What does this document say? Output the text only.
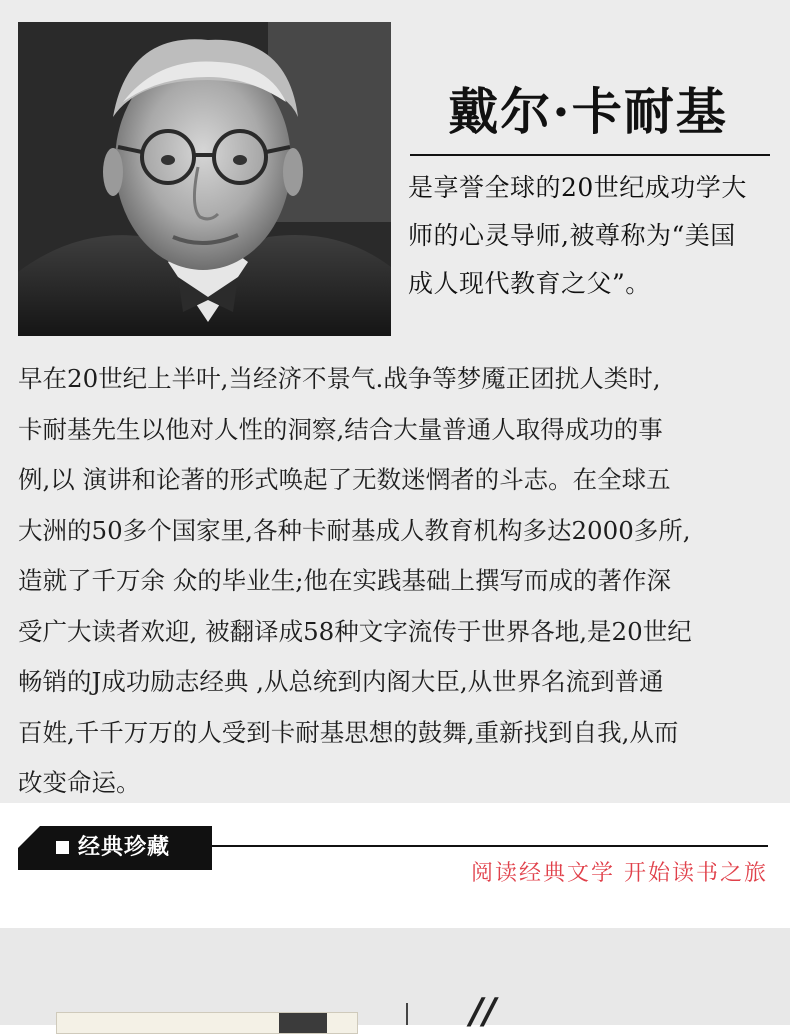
戴尔·卡耐基
是享誉全球的20世纪成功学大
师的心灵导师,被尊称为“美国
成人现代教育之父”。
早在20世纪上半叶,当经济不景气.战争等梦魇正团扰人类时,
卡耐基先生以他对人性的洞察,结合大量普通人取得成功的事
例,以 演讲和论著的形式唤起了无数迷惘者的斗志。在全球五
大洲的50多个国家里,各种卡耐基成人教育机构多达2000多所,
造就了千万余 众的毕业生;他在实践基础上撰写而成的著作深
受广大读者欢迎, 被翻译成58种文字流传于世界各地,是20世纪
畅销的J成功励志经典 ,从总统到内阁大臣,从世界名流到普通
百姓,千千万万的人受到卡耐基思想的鼓舞,重新找到自我,从而
改变命运。
经典珍藏
阅读经典文学 开始读书之旅
//
